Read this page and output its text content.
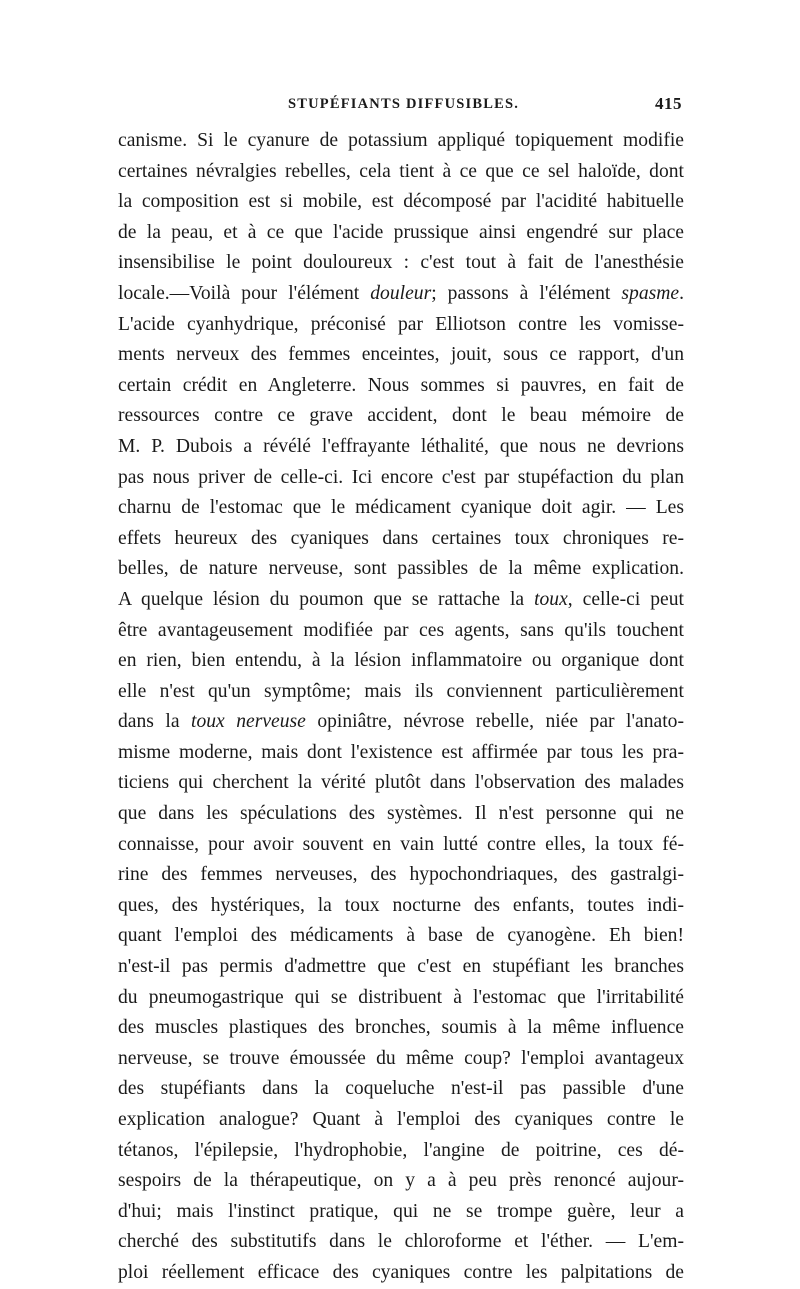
STUPÉFIANTS DIFFUSIBLES.	415
canisme. Si le cyanure de potassium appliqué topiquement modifie
certaines névralgies rebelles, cela tient à ce que ce sel haloïde, dont
la composition est si mobile, est décomposé par l'acidité habituelle
de la peau, et à ce que l'acide prussique ainsi engendré sur place
insensibilise le point douloureux : c'est tout à fait de l'anesthésie
locale.—Voilà pour l'élément douleur; passons à l'élément spasme.
L'acide cyanhydrique, préconisé par Elliotson contre les vomisse-
ments nerveux des femmes enceintes, jouit, sous ce rapport, d'un
certain crédit en Angleterre. Nous sommes si pauvres, en fait de
ressources contre ce grave accident, dont le beau mémoire de
M. P. Dubois a révélé l'effrayante léthalité, que nous ne devrions
pas nous priver de celle-ci. Ici encore c'est par stupéfaction du plan
charnu de l'estomac que le médicament cyanique doit agir. — Les
effets heureux des cyaniques dans certaines toux chroniques re-
belles, de nature nerveuse, sont passibles de la même explication.
A quelque lésion du poumon que se rattache la toux, celle-ci peut
être avantageusement modifiée par ces agents, sans qu'ils touchent
en rien, bien entendu, à la lésion inflammatoire ou organique dont
elle n'est qu'un symptôme; mais ils conviennent particulièrement
dans la toux nerveuse opiniâtre, névrose rebelle, niée par l'anato-
misme moderne, mais dont l'existence est affirmée par tous les pra-
ticiens qui cherchent la vérité plutôt dans l'observation des malades
que dans les spéculations des systèmes. Il n'est personne qui ne
connaisse, pour avoir souvent en vain lutté contre elles, la toux fé-
rine des femmes nerveuses, des hypochondriaques, des gastralgi-
ques, des hystériques, la toux nocturne des enfants, toutes indi-
quant l'emploi des médicaments à base de cyanogène. Eh bien!
n'est-il pas permis d'admettre que c'est en stupéfiant les branches
du pneumogastrique qui se distribuent à l'estomac que l'irritabilité
des muscles plastiques des bronches, soumis à la même influence
nerveuse, se trouve émoussée du même coup? l'emploi avantageux
des stupéfiants dans la coqueluche n'est-il pas passible d'une
explication analogue? Quant à l'emploi des cyaniques contre le
tétanos, l'épilepsie, l'hydrophobie, l'angine de poitrine, ces dé-
sespoirs de la thérapeutique, on y a à peu près renoncé aujour-
d'hui; mais l'instinct pratique, qui ne se trompe guère, leur a
cherché des substitutifs dans le chloroforme et l'éther. — L'em-
ploi réellement efficace des cyaniques contre les palpitations de
